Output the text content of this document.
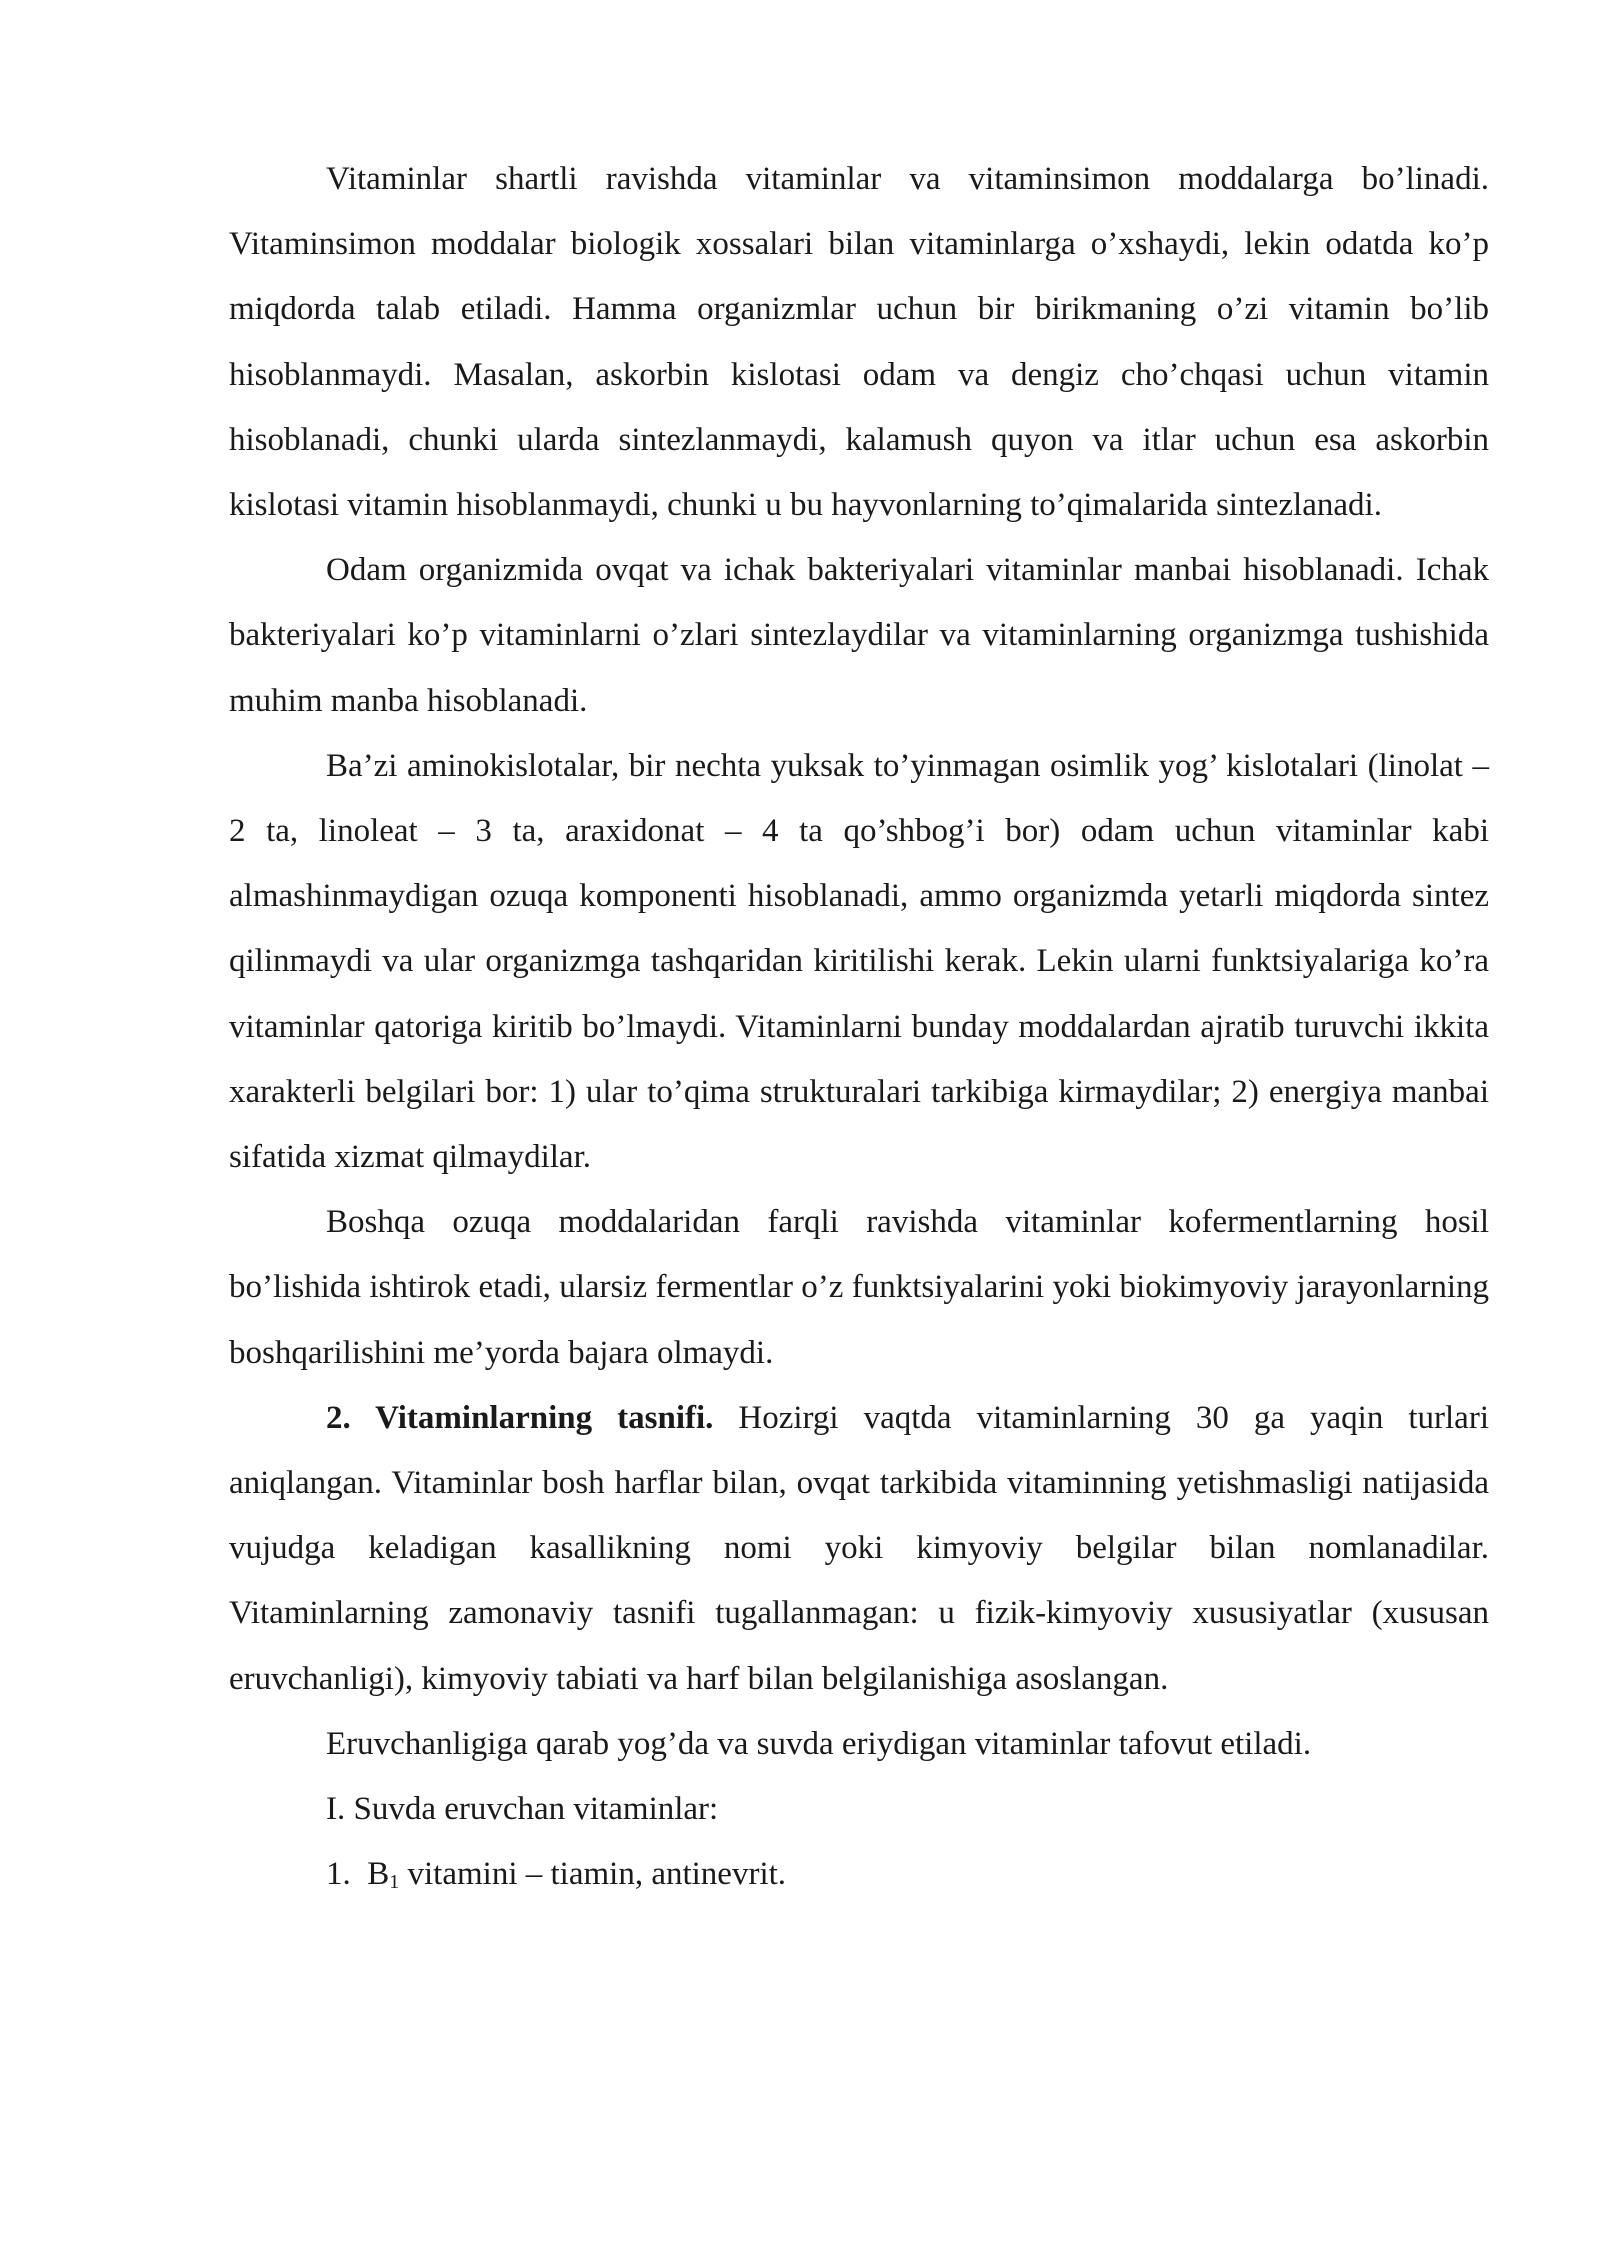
Vitaminlar shartli ravishda vitaminlar va vitaminsimon moddalarga bo’linadi. Vitaminsimon moddalar biologik xossalari bilan vitaminlarga o’xshaydi, lekin odatda ko’p miqdorda talab etiladi. Hamma organizmlar uchun bir birikmaning o’zi vitamin bo’lib hisoblanmaydi. Masalan, askorbin kislotasi odam va dengiz cho’chqasi uchun vitamin hisoblanadi, chunki ularda sintezlanmaydi, kalamush quyon va itlar uchun esa askorbin kislotasi vitamin hisoblanmaydi, chunki u bu hayvonlarning to’qimalarida sintezlanadi.

Odam organizmida ovqat va ichak bakteriyalari vitaminlar manbai hisoblanadi. Ichak bakteriyalari ko’p vitaminlarni o’zlari sintezlaydilar va vitaminlarning organizmga tushishida muhim manba hisoblanadi.

Ba’zi aminokislotalar, bir nechta yuksak to’yinmagan osimlik yog’ kislotalari (linolat – 2 ta, linoleat – 3 ta, araxidonat – 4 ta qo’shbog’i bor) odam uchun vitaminlar kabi almashinmaydigan ozuqa komponenti hisoblanadi, ammo organizmda yetarli miqdorda sintez qilinmaydi va ular organizmga tashqaridan kiritilishi kerak. Lekin ularni funktsiyalariga ko’ra vitaminlar qatoriga kiritib bo’lmaydi. Vitaminlarni bunday moddalardan ajratib turuvchi ikkita xarakterli belgilari bor: 1) ular to’qima strukturalari tarkibiga kirmaydilar; 2) energiya manbai sifatida xizmat qilmaydilar.

Boshqa ozuqa moddalaridan farqli ravishda vitaminlar kofermentlarning hosil bo’lishida ishtirok etadi, ularsiz fermentlar o’z funktsiyalarini yoki biokimyoviy jarayonlarning boshqarilishini me’yorda bajara olmaydi.

2. Vitaminlarning tasnifi. Hozirgi vaqtda vitaminlarning 30 ga yaqin turlari aniqlangan. Vitaminlar bosh harflar bilan, ovqat tarkibida vitaminning yetishmasligi natijasida vujudga keladigan kasallikning nomi yoki kimyoviy belgilar bilan nomlanadilar. Vitaminlarning zamonaviy tasnifi tugallanmagan: u fizik-kimyoviy xususiyatlar (xususan eruvchanligi), kimyoviy tabiati va harf bilan belgilanishiga asoslangan.

Eruvchanligiga qarab yog’da va suvda eriydigan vitaminlar tafovut etiladi.

I. Suvda eruvchan vitaminlar:

1. $B_1$ vitamini – tiamin, antinevrit.
